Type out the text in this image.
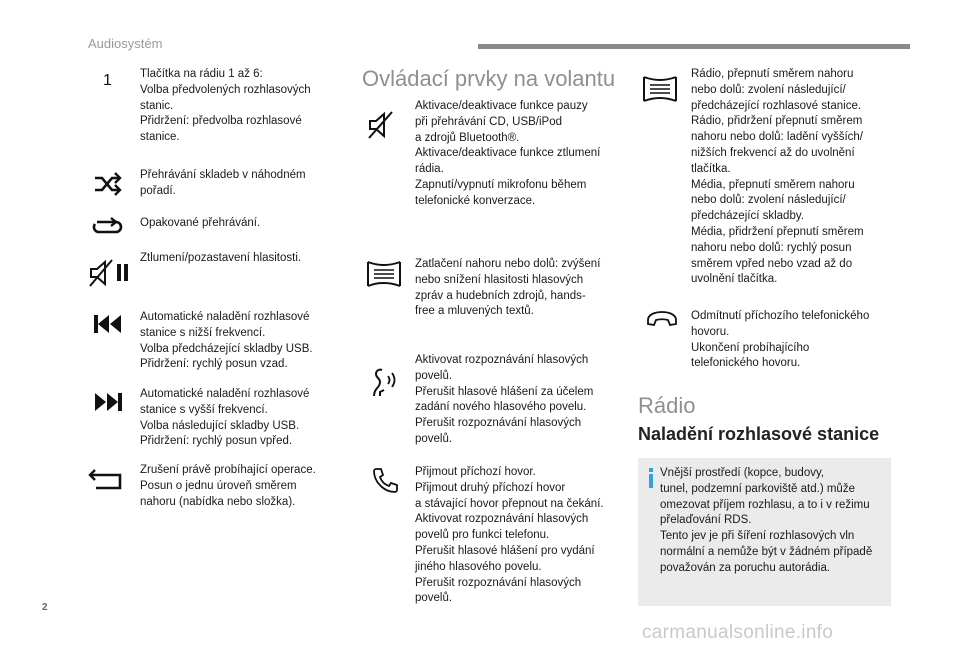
Audiosystém
1 Tlačítka na rádiu 1 až 6:
Volba předvolených rozhlasových
stanic.
Přidržení: předvolba rozhlasové
stanice.

Přehrávání skladeb v náhodném
pořadí.

Opakované přehrávání.

Ztlumení/pozastavení hlasitosti.

Automatické naladění rozhlasové
stanice s nižší frekvencí.
Volba předcházející skladby USB.
Přidržení: rychlý posun vzad.

Automatické naladění rozhlasové
stanice s vyšší frekvencí.
Volba následující skladby USB.
Přidržení: rychlý posun vpřed.

Zrušení právě probíhající operace.
Posun o jednu úroveň směrem
nahoru (nabídka nebo složka).

Ovládací prvky na volantu

Aktivace/deaktivace funkce pauzy
při přehrávání CD, USB/iPod
a zdrojů Bluetooth®.
Aktivace/deaktivace funkce ztlumení
rádia.
Zapnutí/vypnutí mikrofonu během
telefonické konverzace.

Zatlačení nahoru nebo dolů: zvýšení
nebo snížení hlasitosti hlasových
zpráv a hudebních zdrojů, hands-
free a mluvených textů.

Aktivovat rozpoznávání hlasových
povelů.
Přerušit hlasové hlášení za účelem
zadání nového hlasového povelu.
Přerušit rozpoznávání hlasových
povelů.

Přijmout příchozí hovor.
Přijmout druhý příchozí hovor
a stávající hovor přepnout na čekání.
Aktivovat rozpoznávání hlasových
povelů pro funkci telefonu.
Přerušit hlasové hlášení pro vydání
jiného hlasového povelu.
Přerušit rozpoznávání hlasových
povelů.

Rádio, přepnutí směrem nahoru
nebo dolů: zvolení následující/
předcházející rozhlasové stanice.
Rádio, přidržení přepnutí směrem
nahoru nebo dolů: ladění vyšších/
nižších frekvencí až do uvolnění
tlačítka.
Média, přepnutí směrem nahoru
nebo dolů: zvolení následující/
předcházející skladby.
Média, přidržení přepnutí směrem
nahoru nebo dolů: rychlý posun
směrem vpřed nebo vzad až do
uvolnění tlačítka.

Odmítnutí příchozího telefonického
hovoru.
Ukončení probíhajícího
telefonického hovoru.

Rádio
Naladění rozhlasové stanice

Vnější prostředí (kopce, budovy,
tunel, podzemní parkoviště atd.) může
omezovat příjem rozhlasu, a to i v režimu
přelaďování RDS.
Tento jev je při šíření rozhlasových vln
normální a nemůže být v žádném případě
považován za poruchu autorádia.

2
carmanualsonline.info
